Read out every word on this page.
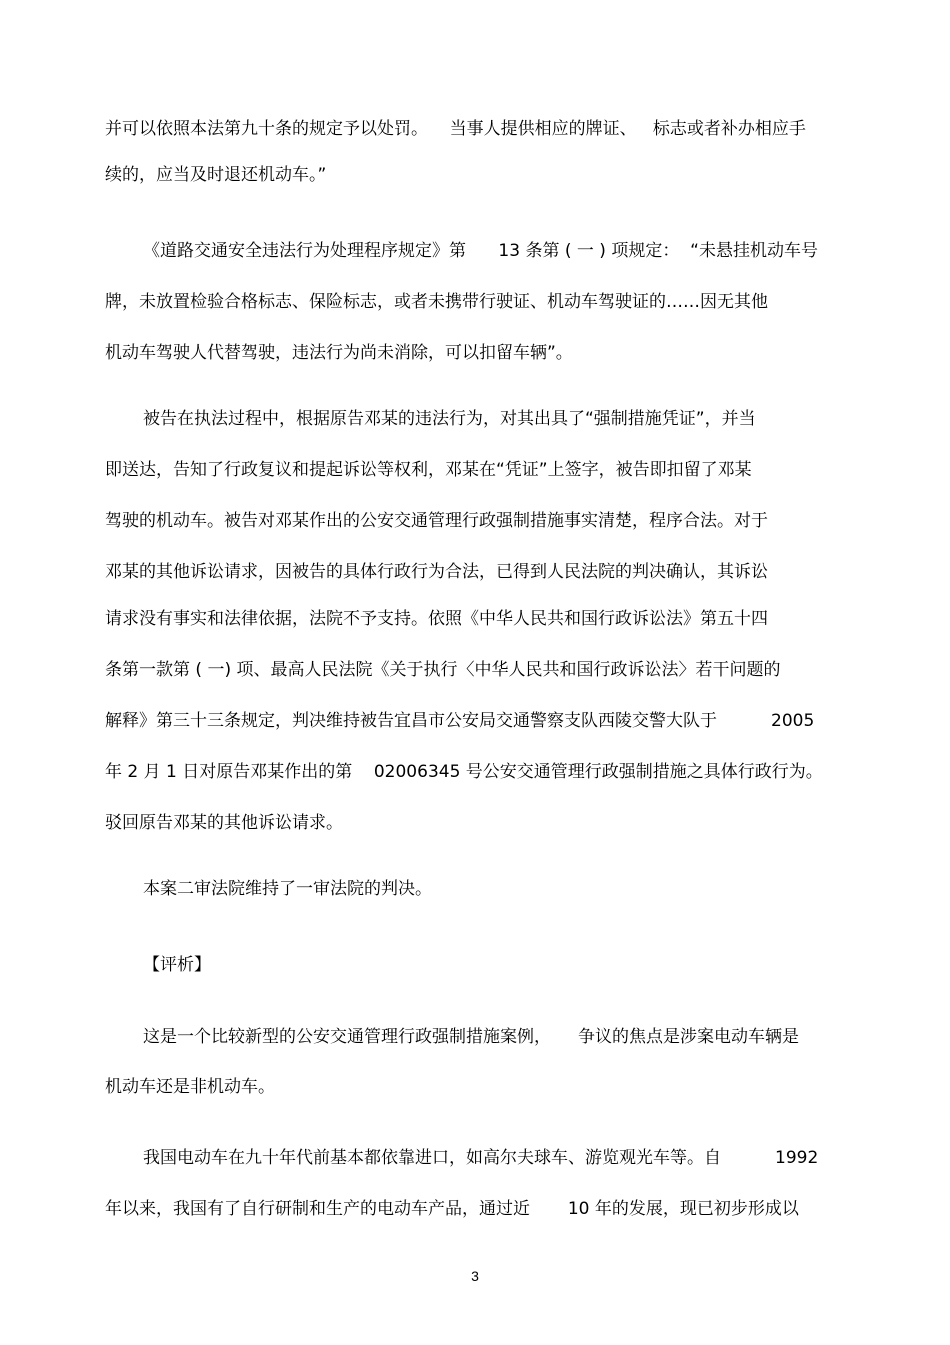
并可以依照本法第九十条的规定予以处罚。    当事人提供相应的牌证、   标志或者补办相应手
续的，应当及时退还机动车。”
《道路交通安全违法行为处理程序规定》第      13 条第 ( 一 ) 项规定：  “未悬挂机动车号
牌，未放置检验合格标志、保险标志，或者未携带行驶证、机动车驾驶证的……因无其他
机动车驾驶人代替驾驶，违法行为尚未消除，可以扣留车辆”。
被告在执法过程中，根据原告邓某的违法行为，对其出具了“强制措施凭证”，并当
即送达，告知了行政复议和提起诉讼等权利，邓某在“凭证”上签字，被告即扣留了邓某
驾驶的机动车。被告对邓某作出的公安交通管理行政强制措施事实清楚，程序合法。对于
邓某的其他诉讼请求，因被告的具体行政行为合法，已得到人民法院的判决确认，其诉讼
请求没有事实和法律依据，法院不予支持。依照《中华人民共和国行政诉讼法》第五十四
条第一款第 ( 一) 项、最高人民法院《关于执行〈中华人民共和国行政诉讼法〉若干问题的
解释》第三十三条规定，判决维持被告宜昌市公安局交通警察支队西陵交警大队于          2005
年 2 月 1 日对原告邓某作出的第    02006345 号公安交通管理行政强制措施之具体行政行为。
驳回原告邓某的其他诉讼请求。
本案二审法院维持了一审法院的判决。
【评析】
这是一个比较新型的公安交通管理行政强制措施案例，     争议的焦点是涉案电动车辆是
机动车还是非机动车。
我国电动车在九十年代前基本都依靠进口，如高尔夫球车、游览观光车等。自          1992
年以来，我国有了自行研制和生产的电动车产品，通过近       10 年的发展，现已初步形成以
3
